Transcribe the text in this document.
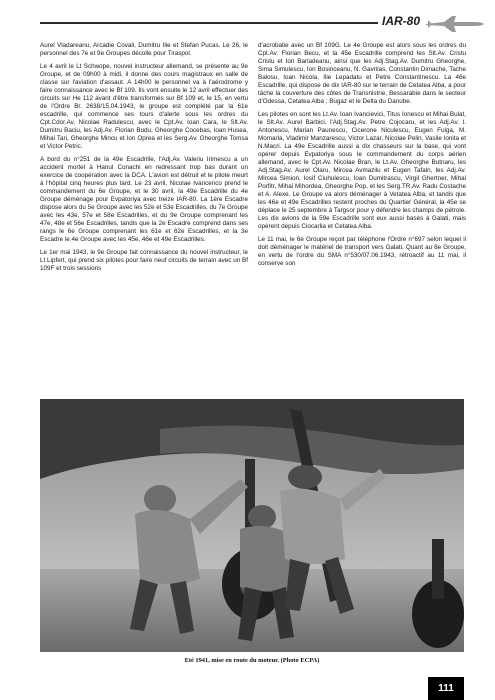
IAR-80

Aurel Vladareanu, Arcadie Covali, Dumitru Ilie et Stefan Pucas. Le 26, le personnel des 7e et 9e Groupes décolle pour Tiraspol.

Le 4 avril le Lt Schwope, nouvel instructeur allemand, se présente au 9e Groupe, et de 09h00 à midi, il donne des cours magistraux en salle de classe sur l'aviation d'assaut. A 14h00 le personnel va à l'aérodrome y faire connaissance avec le Bf 109. Ils vont ensuite le 12 avril effectuer des circuits sur He 112 avant d'être transformés sur Bf 109 et, le 15, en vertu de l'Ordre Br. 2638/15.04.1943, le groupe est complété par la 61e escadrille, qui commence ses tours d'alerte sous les ordres du Cpt.Cdor.Av. Nicolae Radulescu, avec le Cpt.Av. Ioan Cara, le Slt.Av. Dumitru Baciu, les Adj.Av. Florian Budu, Gheorghe Cocebas, Ioan Husea, Mihai Tari, Gheorghe Mincu et Ion Oprea et les Serg.Av. Gheorghe Tomsa et Victor Petric.

A bord du n°251 de la 49e Escadrille, l'Adj.Av. Valeriu Irimescu a un accident mortel à Hanul Conachi en redressant trop bas durant un exercice de coopération avec la DCA. L'avion est détruit et le pilote meurt à l'hôpital cinq heures plus tard. Le 23 avril, Nicolae Ivancenco prend le commandement du 6e Groupe, et le 30 avril, la 49e Escadrille du 4e Groupe déménage pour Evpatoriya avec treize IAR-80. La 1ère Escadre dispose alors du 5e Groupe avec les 52e et 53e Escadrilles, du 7e Groupe avec les 43e, 57e et 58e Escadrilles, et du 9e Groupe comprenant les 47e, 48e et 56e Escadrilles, tandis que la 2e Escadre comprend dans ses rangs le 6e Groupe comprenant les 61e et 62e Escadrilles, et la 3e Escadre le 4e Groupe avec les 45e, 46e et 49e Escadrilles.

Le 1er mai 1943, le 9e Groupe fait connaissance du nouvel instructeur, le Lt Lipfert, qui prend six pilotes pour faire neuf circuits de terrain avec un Bf 109F et trois sessions

d'acrobatie avec un Bf 109G. Le 4e Groupe est alors sous les ordres du Cpt.Av. Florian Becu, et la 45e Escadrille comprend les Slt.Av. Cristu Cristu et Ion Barladeanu, ainsi que les Adj.Stag.Av. Dumitru Gheorghe, Sima Simulescu, Ion Bosinceanu, N. Gavrilas, Constantin Dimache, Tache Balosu, Ioan Nicola, Ilie Lepadatu et Petre Constantinescu. La 46e Escadrille, qui dispose de dix IAR-80 sur le terrain de Cetatea Alba, a pour tâche la couverture des côtes de Transnistrie, Bessarabie dans le secteur d'Odessa, Cetatea Alba ; Bugaz et le Delta du Danube.

Les pilotes en sont les Lt.Av. Ioan Ivancievici, Titus Ionescu et Mihai Bulat, le Slt.Av. Aurel Barbici, l'Adj.Stag.Av. Petre Cojocaru, et les Adj.Av. I. Antonescu, Marian Paunescu, Cicerone Niculescu, Eugen Fulga, M. Momarla, Vladimir Manzarescu, Victor Lazar, Nicolae Pelin, Vasile Ionita et N.Macri. La 49e Escadrille aussi a dix chasseurs sur la base, qui vont opérer depuis Evpatoriya sous le commandement du corps aérien allemand, avec le Cpt.Av. Nicolae Bran, le Lt.Av. Gheorghe Butnaru, les Adj.Stag.Av. Aurel Olaru, Mircea Avmazilu et Eugen Tafaln, les Adj.Av. Mircea Simion, Iosif Ciuhulescu, Ioan Dumitrascu, Virgil Ghertner, Mihai Porfitr, Mihai Mihordea, Gheorghe Pop, et les Serg.TR.Av. Radu Costache et A. Alexe. Le Groupe va alors déménager à Vetatea Alba, et tandis que les 46e et 49e Escadrilles restent proches du Quartier Général, la 45e se déplace le 25 septembre à Targsor pour y défendre les champs de pétrole. Les dix avions de la 59e Escadrille sont eux aussi basés à Galati, mais opèrent depuis Ciocarlia et Cetatea Alba.

Le 11 mai, le 6e Groupe reçoit par téléphone l'Ordre n°697 selon lequel il doit déménager le matériel de transport vers Galati. Quant au 8e Groupe, en vertu de l'ordre du SMA n°530/07.06.1943, rétroactif au 11 mai, il conserve son

Eté 1941, mise en route du moteur. (Photo ECPA)
111
